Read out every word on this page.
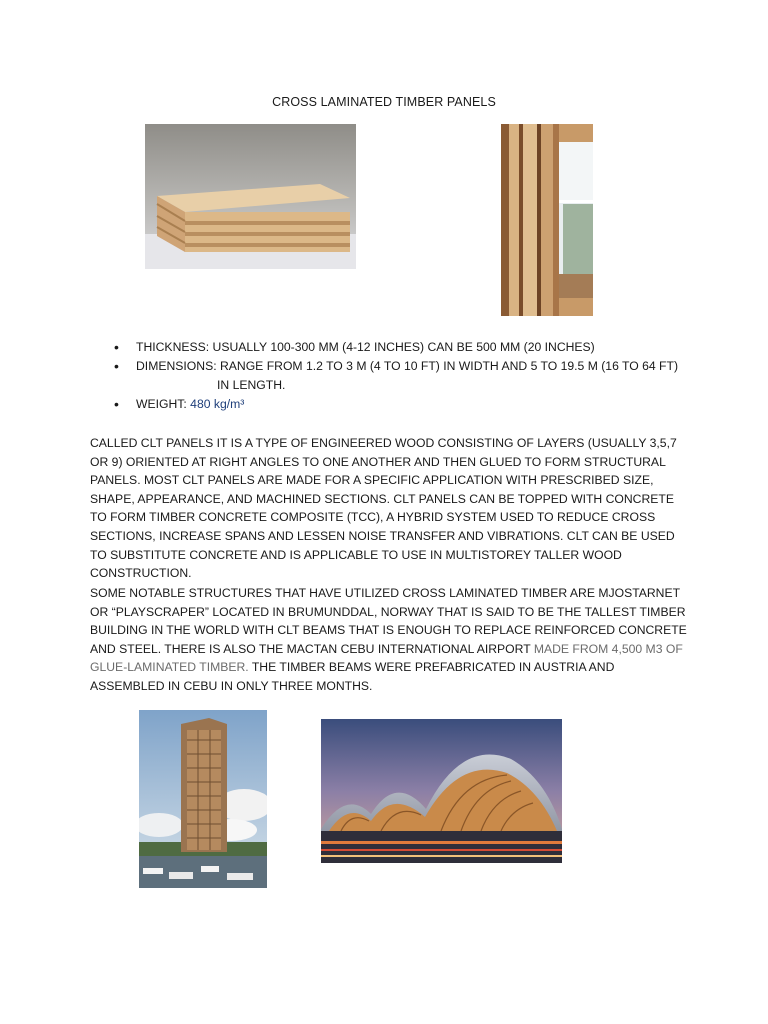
CROSS LAMINATED TIMBER PANELS
• THICKNESS: USUALLY 100-300 MM (4-12 INCHES) CAN BE 500 MM (20 INCHES)
• DIMENSIONS: RANGE FROM 1.2 TO 3 M (4 TO 10 FT) IN WIDTH AND 5 TO 19.5 M (16 TO 64 FT)
IN LENGTH.
• WEIGHT: 480 kg/m³

CALLED CLT PANELS IT IS A TYPE OF ENGINEERED WOOD CONSISTING OF LAYERS (USUALLY 3,5,7 OR 9) ORIENTED AT RIGHT ANGLES TO ONE ANOTHER AND THEN GLUED TO FORM STRUCTURAL PANELS. MOST CLT PANELS ARE MADE FOR A SPECIFIC APPLICATION WITH PRESCRIBED SIZE, SHAPE, APPEARANCE, AND MACHINED SECTIONS. CLT PANELS CAN BE TOPPED WITH CONCRETE TO FORM TIMBER CONCRETE COMPOSITE (TCC), A HYBRID SYSTEM USED TO REDUCE CROSS SECTIONS, INCREASE SPANS AND LESSEN NOISE TRANSFER AND VIBRATIONS. CLT CAN BE USED TO SUBSTITUTE CONCRETE AND IS APPLICABLE TO USE IN MULTISTOREY TALLER WOOD CONSTRUCTION.

SOME NOTABLE STRUCTURES THAT HAVE UTILIZED CROSS LAMINATED TIMBER ARE MJOSTARNET OR “PLAYSCRAPER” LOCATED IN BRUMUNDDAL, NORWAY THAT IS SAID TO BE THE TALLEST TIMBER BUILDING IN THE WORLD WITH CLT BEAMS THAT IS ENOUGH TO REPLACE REINFORCED CONCRETE AND STEEL. THERE IS ALSO THE MACTAN CEBU INTERNATIONAL AIRPORT MADE FROM 4,500 M3 OF GLUE-LAMINATED TIMBER. THE TIMBER BEAMS WERE PREFABRICATED IN AUSTRIA AND ASSEMBLED IN CEBU IN ONLY THREE MONTHS.
